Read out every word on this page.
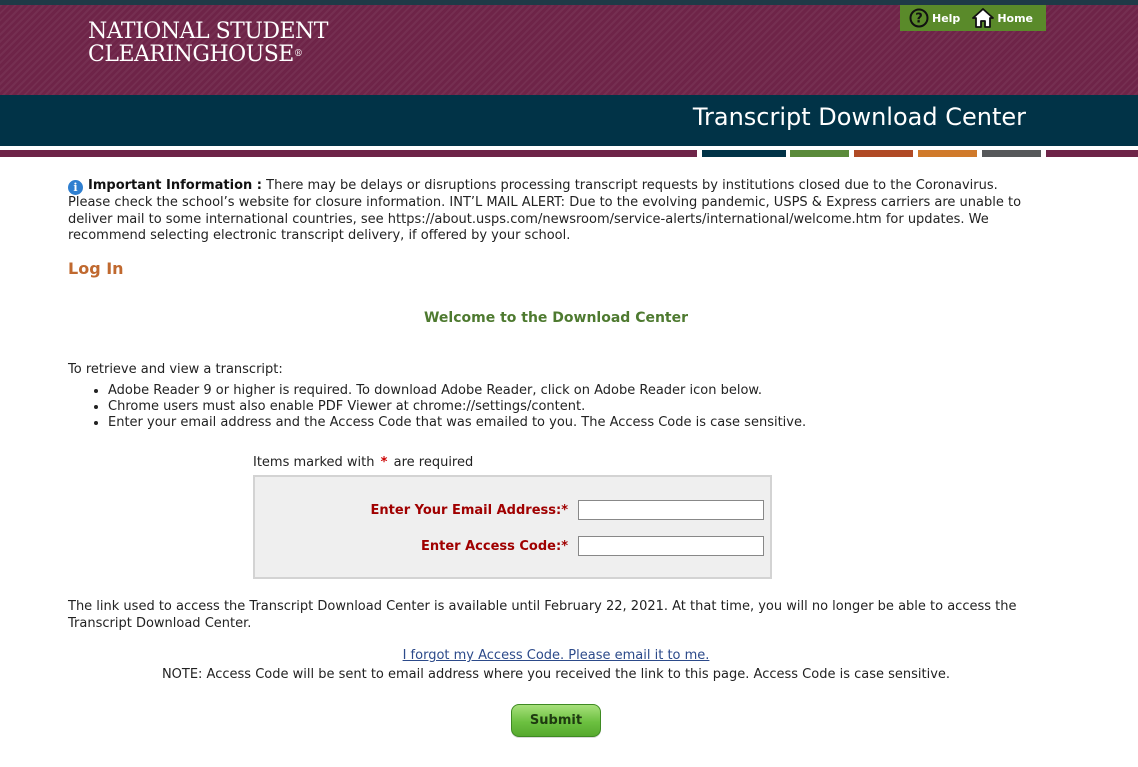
NATIONAL STUDENT
CLEARINGHOUSE®
? Help	Home
Transcript Download Center
i Important Information : There may be delays or disruptions processing transcript requests by institutions closed due to the Coronavirus. Please check the school’s website for closure information. INT’L MAIL ALERT: Due to the evolving pandemic, USPS & Express carriers are unable to deliver mail to some international countries, see https://about.usps.com/newsroom/service-alerts/international/welcome.htm for updates. We recommend selecting electronic transcript delivery, if offered by your school.
Log In
Welcome to the Download Center
To retrieve and view a transcript:
• Adobe Reader 9 or higher is required. To download Adobe Reader, click on Adobe Reader icon below.
• Chrome users must also enable PDF Viewer at chrome://settings/content.
• Enter your email address and the Access Code that was emailed to you. The Access Code is case sensitive.
Items marked with * are required
Enter Your Email Address:*
Enter Access Code:*
The link used to access the Transcript Download Center is available until February 22, 2021. At that time, you will no longer be able to access the Transcript Download Center.
I forgot my Access Code. Please email it to me.
NOTE: Access Code will be sent to email address where you received the link to this page. Access Code is case sensitive.
Submit
